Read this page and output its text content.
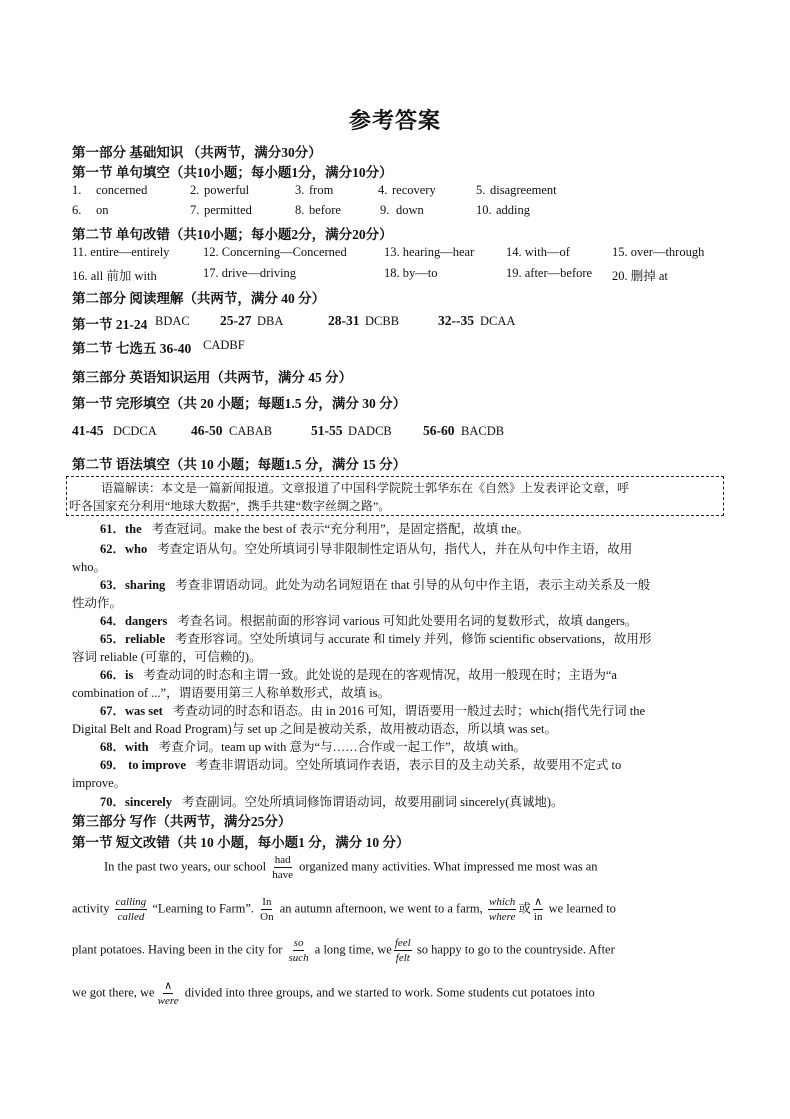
参考答案
第一部分 基础知识 （共两节，满分30分）
第一节 单句填空（共10小题；每小题1分，满分10分）
1. concerned	2. powerful	3. from	4. recovery	5. disagreement
6. on	7. permitted	8. before	9. down	10. adding
第二节 单句改错（共10小题；每小题2分，满分20分）
11. entire—entirely	12. Concerning—Concerned	13. hearing—hear	14. with—of	15. over—through
16. all 前加 with	17. drive—driving	18. by—to	19. after—before 20. 删掉 at
第二部分 阅读理解（共两节，满分 40 分）
第一节 21-24 BDAC 25-27 DBA	28-31 DCBB	32--35 DCAA
第二节 七选五 36-40 CADBF
第三部分 英语知识运用（共两节，满分 45 分）
第一节 完形填空（共 20 小题；每题1.5 分，满分 30 分）
41-45 DCDCA	46-50 CABAB	51-55 DADCB 56-60 BACDB
第二节 语法填空（共 10 小题；每题1.5 分，满分 15 分）
语篇解读：本文是一篇新闻报道。文章报道了中国科学院院士郭华东在《自然》上发表评论文章，呼
吁各国家充分利用“地球大数据”，携手共建“数字丝绸之路”。
61．the 考查冠词。make the best of 表示“充分利用”，是固定搭配，故填 the。
62．who 考查定语从句。空处所填词引导非限制性定语从句，指代人，并在从句中作主语，故用
who。
63．sharing 考查非谓语动词。此处为动名词短语在 that 引导的从句中作主语，表示主动关系及一般
性动作。
64．dangers 考查名词。根据前面的形容词 various 可知此处要用名词的复数形式，故填 dangers。
65．reliable 考查形容词。空处所填词与 accurate 和 timely 并列，修饰 scientific observations，故用形
容词 reliable (可靠的，可信赖的)。
66．is 考查动词的时态和主谓一致。此处说的是现在的客观情况，故用一般现在时；主语为“a
combination of ...”，谓语要用第三人称单数形式，故填 is。
67．was set 考查动词的时态和语态。由 in 2016 可知，谓语要用一般过去时；which(指代先行词 the
Digital Belt and Road Program)与 set up 之间是被动关系，故用被动语态，所以填 was set。
68．with 考查介词。team up with 意为“与……合作或一起工作”，故填 with。
69． to improve 考查非谓语动词。空处所填词作表语，表示目的及主动关系，故要用不定式 to
improve。
70．sincerely 考查副词。空处所填词修饰谓语动词，故要用副词 sincerely(真诚地)。
第三部分 写作（共两节，满分25分）
第一节 短文改错（共 10 小题，每小题1 分，满分 10 分）
In the past two years, our school $\frac{\text{had}}{\text{have}}$ organized many activities. What impressed me most was an
activity $\frac{\text{calling}}{\text{called}}$ “Learning to Farm”. $\frac{In}{On}$ an autumn afternoon, we went to a farm, $\frac{\text{which}}{\text{where}}$ 或 $\frac{\wedge}{in}$ we learned to
plant potatoes. Having been in the city for $\frac{so}{\text{such}}$ a long time, we $\frac{\text{feel}}{\text{felt}}$ so happy to go to the countryside. After
we got there, we $\frac{\wedge}{\text{were}}$ divided into three groups, and we started to work. Some students cut potatoes into
